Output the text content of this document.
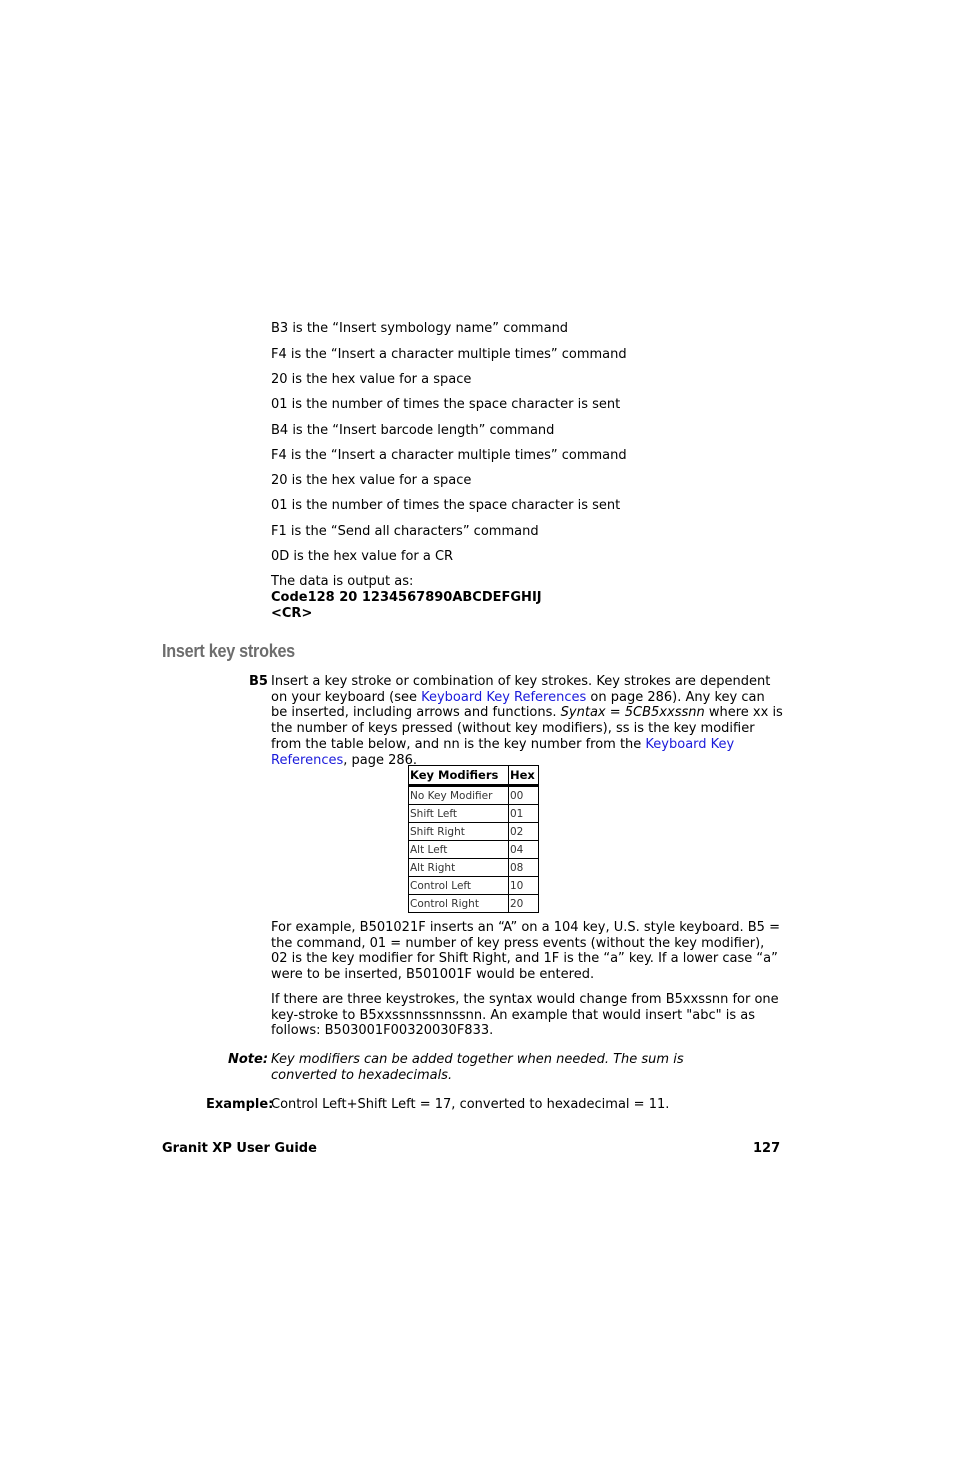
B3 is the “Insert symbology name” command
F4 is the “Insert a character multiple times” command
20 is the hex value for a space
01 is the number of times the space character is sent
B4 is the “Insert barcode length” command
F4 is the “Insert a character multiple times” command
20 is the hex value for a space
01 is the number of times the space character is sent
F1 is the “Send all characters” command
0D is the hex value for a CR
The data is output as:
Code128 20 1234567890ABCDEFGHIJ
<CR>
Insert key strokes
B5 Insert a key stroke or combination of key strokes. Key strokes are dependent on your keyboard (see Keyboard Key References on page 286). Any key can be inserted, including arrows and functions. Syntax = 5CB5xxssnn where xx is the number of keys pressed (without key modifiers), ss is the key modifier from the table below, and nn is the key number from the Keyboard Key References, page 286.
Key Modifiers	Hex
No Key Modifier	00
Shift Left	01
Shift Right	02
Alt Left	04
Alt Right	08
Control Left	10
Control Right	20
For example, B501021F inserts an “A” on a 104 key, U.S. style keyboard. B5 = the command, 01 = number of key press events (without the key modifier), 02 is the key modifier for Shift Right, and 1F is the “a” key. If a lower case “a” were to be inserted, B501001F would be entered.
If there are three keystrokes, the syntax would change from B5xxssnn for one key-stroke to B5xxssnnssnnssnn. An example that would insert "abc" is as follows: B503001F00320030F833.
Note: Key modifiers can be added together when needed. The sum is converted to hexadecimals.
Example:
Control Left+Shift Left = 17, converted to hexadecimal = 11.
Granit XP User Guide	127
